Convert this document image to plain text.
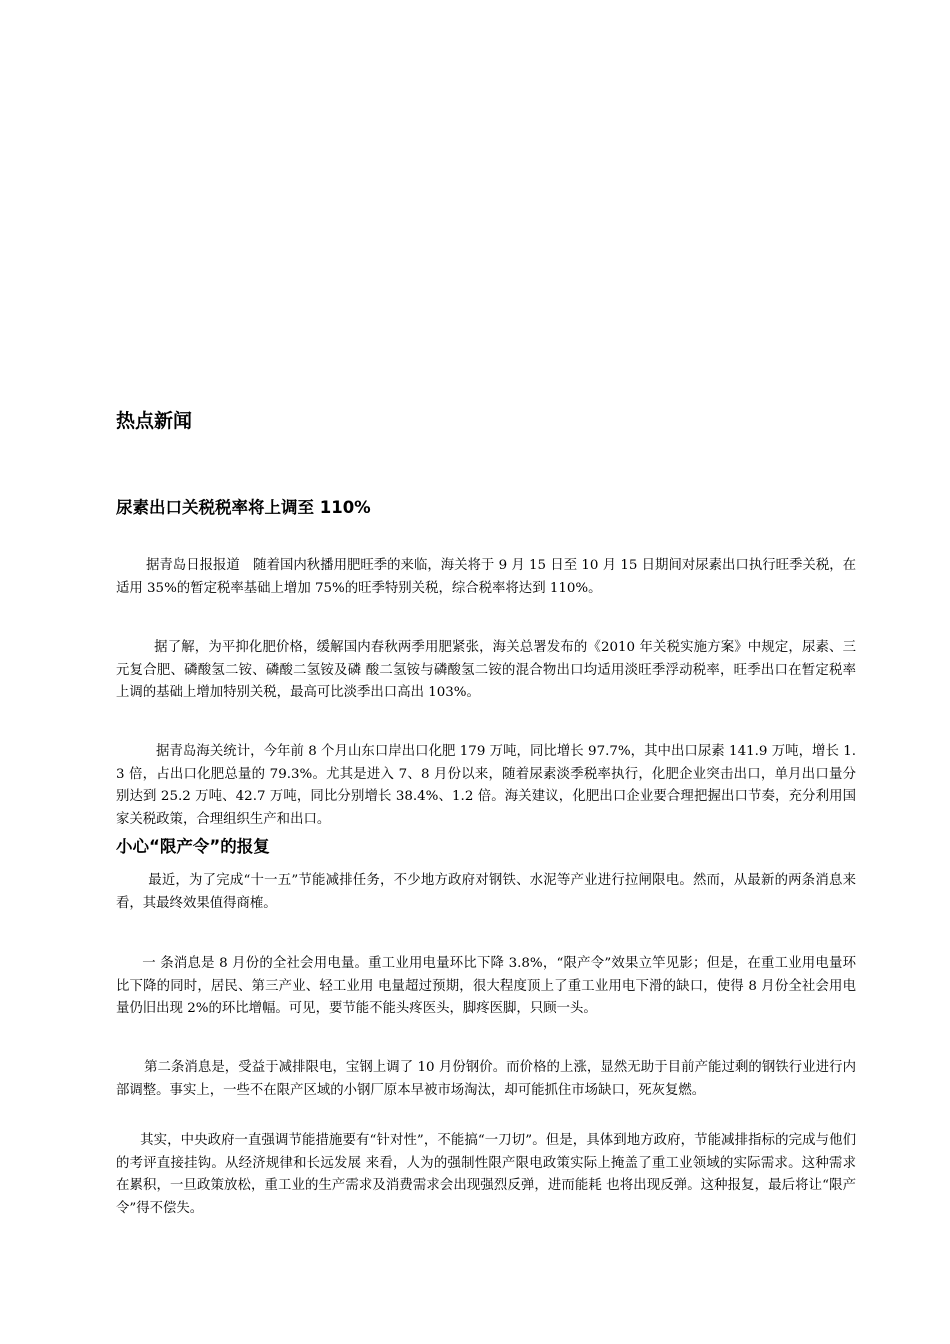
热点新闻
尿素出口关税税率将上调至 110%

据青岛日报报道　随着国内秋播用肥旺季的来临，海关将于 9 月 15 日至 10 月 15 日期间对尿素出口执行旺季关税，在适用 35%的暂定税率基础上增加 75%的旺季特别关税，综合税率将达到 110%。

据了解，为平抑化肥价格，缓解国内春秋两季用肥紧张，海关总署发布的《2010 年关税实施方案》中规定，尿素、三元复合肥、磷酸氢二铵、磷酸二氢铵及磷 酸二氢铵与磷酸氢二铵的混合物出口均适用淡旺季浮动税率，旺季出口在暂定税率上调的基础上增加特别关税，最高可比淡季出口高出 103%。

据青岛海关统计，今年前 8 个月山东口岸出口化肥 179 万吨，同比增长 97.7%，其中出口尿素 141.9 万吨，增长 1.3 倍，占出口化肥总量的 79.3%。尤其是进入 7、8 月份以来，随着尿素淡季税率执行，化肥企业突击出口，单月出口量分别达到 25.2 万吨、42.7 万吨，同比分别增长 38.4%、1.2 倍。海关建议，化肥出口企业要合理把握出口节奏，充分利用国家关税政策，合理组织生产和出口。

小心“限产令”的报复

最近，为了完成“十一五”节能减排任务，不少地方政府对钢铁、水泥等产业进行拉闸限电。然而，从最新的两条消息来看，其最终效果值得商榷。

一 条消息是 8 月份的全社会用电量。重工业用电量环比下降 3.8%，“限产令”效果立竿见影；但是，在重工业用电量环比下降的同时，居民、第三产业、轻工业用 电量超过预期，很大程度顶上了重工业用电下滑的缺口，使得 8 月份全社会用电量仍旧出现 2%的环比增幅。可见，要节能不能头疼医头，脚疼医脚，只顾一头。

第二条消息是，受益于减排限电，宝钢上调了 10 月份钢价。而价格的上涨，显然无助于目前产能过剩的钢铁行业进行内部调整。事实上，一些不在限产区域的小钢厂原本早被市场淘汰，却可能抓住市场缺口，死灰复燃。

其实，中央政府一直强调节能措施要有“针对性”，不能搞“一刀切”。但是，具体到地方政府，节能减排指标的完成与他们的考评直接挂钩。从经济规律和长远发展 来看，人为的强制性限产限电政策实际上掩盖了重工业领域的实际需求。这种需求在累积，一旦政策放松，重工业的生产需求及消费需求会出现强烈反弹，进而能耗 也将出现反弹。这种报复，最后将让“限产令”得不偿失。
